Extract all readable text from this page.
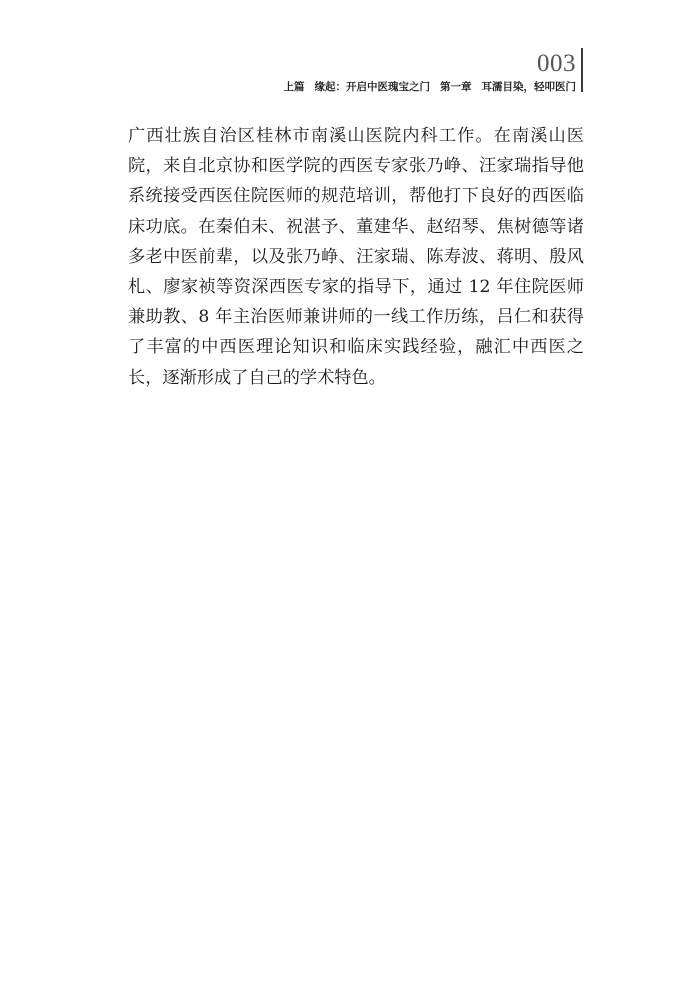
003
上篇 缘起：开启中医瑰宝之门 第一章 耳濡目染，轻叩医门

广西壮族自治区桂林市南溪山医院内科工作。在南溪山医院，来自北京协和医学院的西医专家张乃峥、汪家瑞指导他系统接受西医住院医师的规范培训，帮他打下良好的西医临床功底。在秦伯未、祝湛予、董建华、赵绍琴、焦树德等诸多老中医前辈，以及张乃峥、汪家瑞、陈寿波、蒋明、殷风札、廖家祯等资深西医专家的指导下，通过 12 年住院医师兼助教、8 年主治医师兼讲师的一线工作历练，吕仁和获得了丰富的中西医理论知识和临床实践经验，融汇中西医之长，逐渐形成了自己的学术特色。
